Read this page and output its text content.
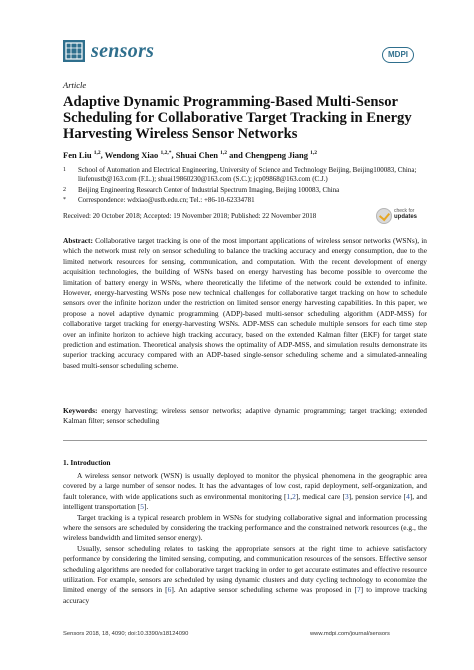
sensors	MDPI
Article
Adaptive Dynamic Programming-Based Multi-Sensor Scheduling for Collaborative Target Tracking in Energy Harvesting Wireless Sensor Networks
Fen Liu $^{1,2}$, Wendong Xiao $^{1,2,*}$, Shuai Chen $^{1,2}$ and Chengpeng Jiang $^{1,2}$
1 School of Automation and Electrical Engineering, University of Science and Technology Beijing, Beijing100083, China; liufenustb@163.com (F.L.); shuai19860230@163.com (S.C.); jcp09868@163.com (C.J.)
2 Beijing Engineering Research Center of Industrial Spectrum Imaging, Beijing 100083, China
* Correspondence: wdxiao@ustb.edu.cn; Tel.: +86-10-62334781
Received: 20 October 2018; Accepted: 19 November 2018; Published: 22 November 2018
check for
updates
Abstract: Collaborative target tracking is one of the most important applications of wireless sensor networks (WSNs), in which the network must rely on sensor scheduling to balance the tracking accuracy and energy consumption, due to the limited network resources for sensing, communication, and computation. With the recent development of energy acquisition technologies, the building of WSNs based on energy harvesting has become possible to overcome the limitation of battery energy in WSNs, where theoretically the lifetime of the network could be extended to infinite. However, energy-harvesting WSNs pose new technical challenges for collaborative target tracking on how to schedule sensors over the infinite horizon under the restriction on limited sensor energy harvesting capabilities. In this paper, we propose a novel adaptive dynamic programming (ADP)-based multi-sensor scheduling algorithm (ADP-MSS) for collaborative target tracking for energy-harvesting WSNs. ADP-MSS can schedule multiple sensors for each time step over an infinite horizon to achieve high tracking accuracy, based on the extended Kalman filter (EKF) for target state prediction and estimation. Theoretical analysis shows the optimality of ADP-MSS, and simulation results demonstrate its superior tracking accuracy compared with an ADP-based single-sensor scheduling scheme and a simulated-annealing based multi-sensor scheduling scheme.
Keywords: energy harvesting; wireless sensor networks; adaptive dynamic programming; target tracking; extended Kalman filter; sensor scheduling
1. Introduction

A wireless sensor network (WSN) is usually deployed to monitor the physical phenomena in the geographic area covered by a large number of sensor nodes. It has the advantages of low cost, rapid deployment, self-organization, and fault tolerance, with wide applications such as environmental monitoring [1,2], medical care [3], pension service [4], and intelligent transportation [5].

Target tracking is a typical research problem in WSNs for studying collaborative signal and information processing where the sensors are scheduled by considering the tracking performance and the constrained network resources (e.g., the wireless bandwidth and limited sensor energy).

Usually, sensor scheduling relates to tasking the appropriate sensors at the right time to achieve satisfactory performance by considering the limited sensing, computing, and communication resources of the sensors. Effective sensor scheduling algorithms are needed for collaborative target tracking in order to get accurate estimates and effective resource utilization. For example, sensors are scheduled by using dynamic clusters and duty cycling technology to economize the limited energy of the sensors in [6]. An adaptive sensor scheduling scheme was proposed in [7] to improve tracking accuracy

Sensors 2018, 18, 4090; doi:10.3390/s18124090	www.mdpi.com/journal/sensors
